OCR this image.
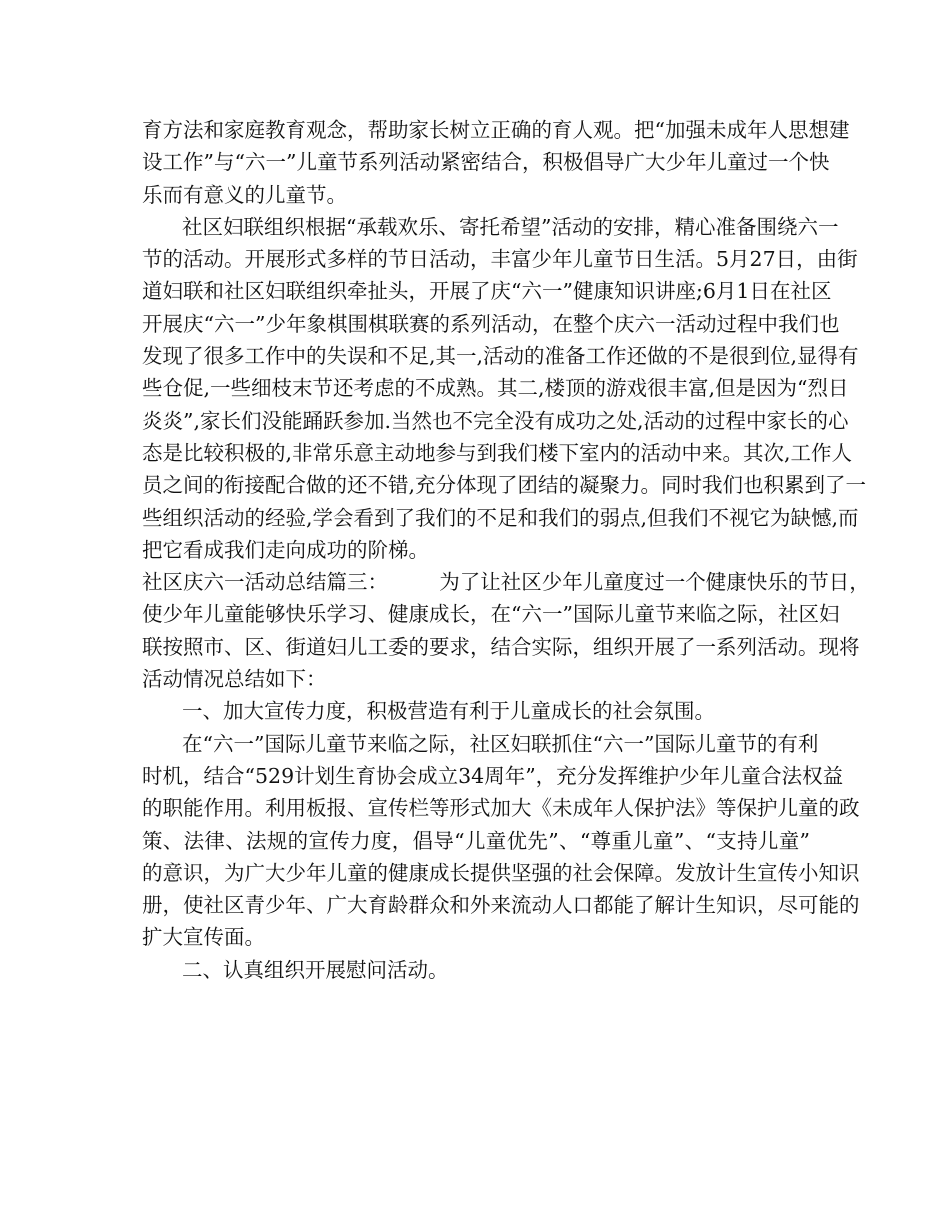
育方法和家庭教育观念，帮助家长树立正确的育人观。把“加强未成年人思想建

设工作”与“六一”儿童节系列活动紧密结合，积极倡导广大少年儿童过一个快

乐而有意义的儿童节。

社区妇联组织根据“承载欢乐、寄托希望”活动的安排，精心准备围绕六一

节的活动。开展形式多样的节日活动，丰富少年儿童节日生活。5月27日，由街

道妇联和社区妇联组织牵扯头，开展了庆“六一”健康知识讲座;6月1日在社区

开展庆“六一”少年象棋围棋联赛的系列活动，在整个庆六一活动过程中我们也

发现了很多工作中的失误和不足,其一,活动的准备工作还做的不是很到位,显得有

些仓促,一些细枝末节还考虑的不成熟。其二,楼顶的游戏很丰富,但是因为“烈日

炎炎”,家长们没能踊跃参加.当然也不完全没有成功之处,活动的过程中家长的心

态是比较积极的,非常乐意主动地参与到我们楼下室内的活动中来。其次,工作人

员之间的衔接配合做的还不错,充分体现了团结的凝聚力。同时我们也积累到了一

些组织活动的经验,学会看到了我们的不足和我们的弱点,但我们不视它为缺憾,而

把它看成我们走向成功的阶梯。

社区庆六一活动总结篇三：　　　为了让社区少年儿童度过一个健康快乐的节日，

使少年儿童能够快乐学习、健康成长，在“六一”国际儿童节来临之际，社区妇

联按照市、区、街道妇儿工委的要求，结合实际，组织开展了一系列活动。现将

活动情况总结如下：

一、加大宣传力度，积极营造有利于儿童成长的社会氛围。

在“六一”国际儿童节来临之际，社区妇联抓住“六一”国际儿童节的有利

时机，结合“529计划生育协会成立34周年”，充分发挥维护少年儿童合法权益

的职能作用。利用板报、宣传栏等形式加大《未成年人保护法》等保护儿童的政

策、法律、法规的宣传力度，倡导“儿童优先”、“尊重儿童”、“支持儿童”

的意识，为广大少年儿童的健康成长提供坚强的社会保障。发放计生宣传小知识

册，使社区青少年、广大育龄群众和外来流动人口都能了解计生知识，尽可能的

扩大宣传面。

二、认真组织开展慰问活动。
